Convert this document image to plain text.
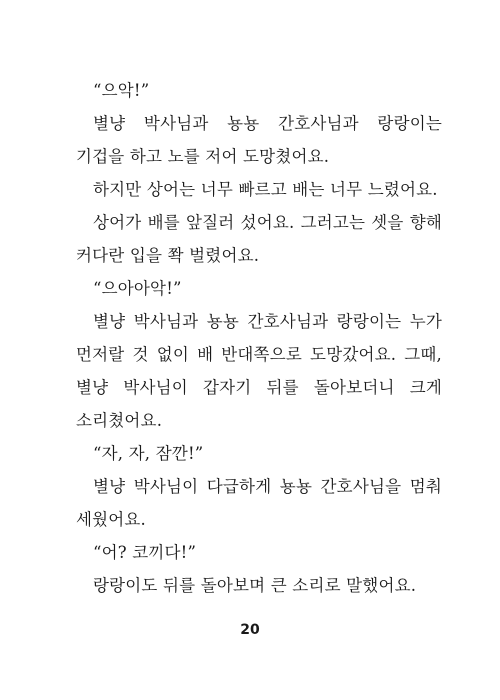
“으악!”

별냥 박사님과 뇽뇽 간호사님과 랑랑이는 기겁을 하고 노를 저어 도망쳤어요.

하지만 상어는 너무 빠르고 배는 너무 느렸어요.

상어가 배를 앞질러 섰어요. 그러고는 셋을 향해 커다란 입을 쫙 벌렸어요.

“으아아악!”

별냥 박사님과 뇽뇽 간호사님과 랑랑이는 누가 먼저랄 것 없이 배 반대쪽으로 도망갔어요. 그때, 별냥 박사님이 갑자기 뒤를 돌아보더니 크게 소리쳤어요.

“자, 자, 잠깐!”

별냥 박사님이 다급하게 뇽뇽 간호사님을 멈춰 세웠어요.

“어? 코끼다!”

랑랑이도 뒤를 돌아보며 큰 소리로 말했어요.

20
